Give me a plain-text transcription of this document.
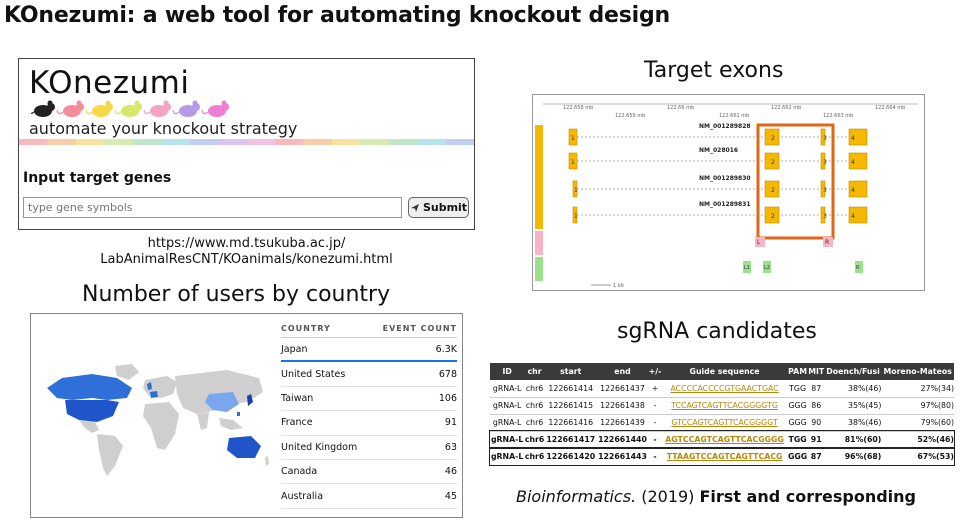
KOnezumi: a web tool for automating knockout design
KOnezumi
automate your knockout strategy
Input target genes
type gene symbols
Submit
https://www.md.tsukuba.ac.jp/
LabAnimalResCNT/KOanimals/konezumi.html
Number of users by country
COUNTRY	EVENT COUNT
Japan	6.3K
United States	678
Taiwan	106
France	91
United Kingdom	63
Canada	46
Australia	45
Target exons
122.658 mb	122.66 mb	122.662 mb	122.664 mb
122.659 mb	122.661 mb	122.663 mb
NM_001289828
1	2	3	4
NM_028016
1	2	3	4
NM_001289830
1	2	3	4
NM_001289831
1	2	3	4
L	R
L1	L2	R
1 kb
sgRNA candidates
ID	chr	start	end	+/-	Guide sequence	PAM	MIT	Doench/Fusi	Moreno-Mateos
gRNA-L	chr6	122661414	122661437	+	ACCCCACCCCGTGAACTGAC	TGG	87	38%(46)	27%(34)
gRNA-L	chr6	122661415	122661438	-	TCCAGTCAGTTCACGGGGTG	GGG	86	35%(45)	97%(80)
gRNA-L	chr6	122661416	122661439	-	GTCCAGTCAGTTCACGGGGT	GGG	90	38%(46)	79%(60)
gRNA-L	chr6	122661417	122661440	-	AGTCCAGTCAGTTCACGGGG	TGG	91	81%(60)	52%(46)
gRNA-L	chr6	122661420	122661443	-	TTAAGTCCAGTCAGTTCACG	GGG	87	96%(68)	67%(53)
Bioinformatics. (2019) First and corresponding
